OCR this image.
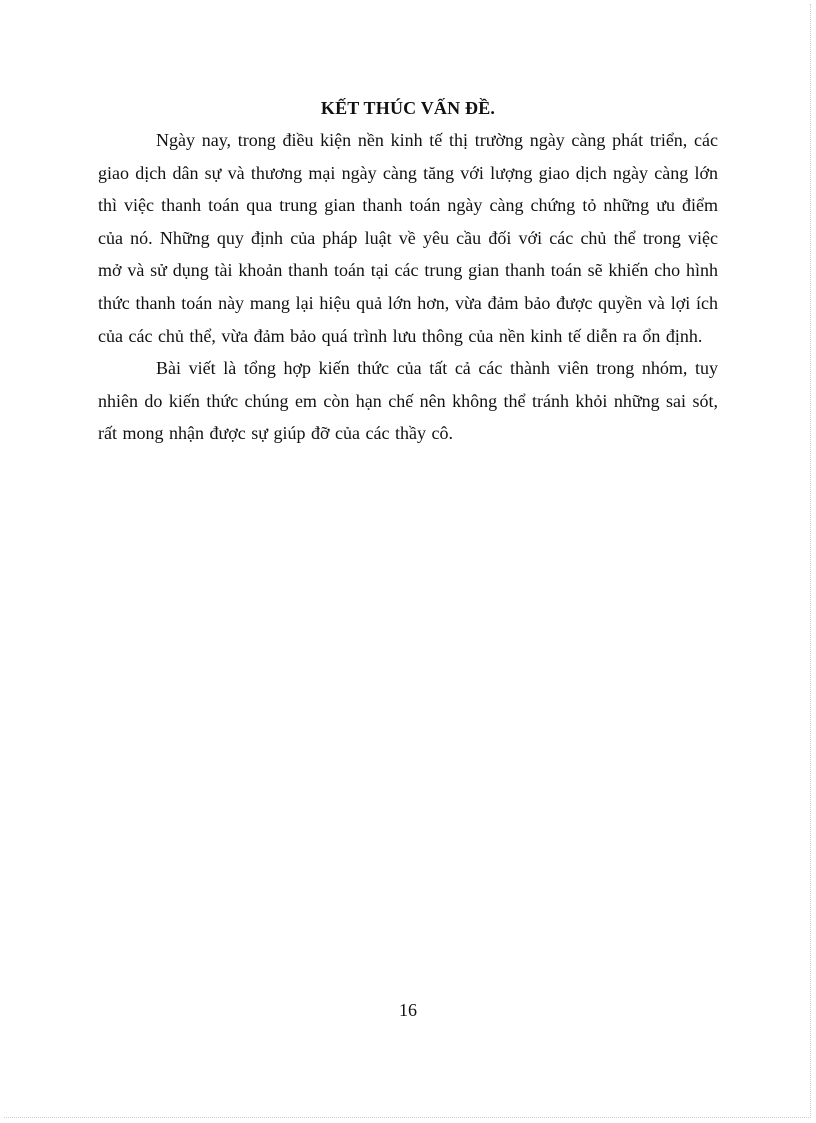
KẾT THÚC VẤN ĐỀ.

Ngày nay, trong điều kiện nền kinh tế thị trường ngày càng phát triển, các giao dịch dân sự và thương mại ngày càng tăng với lượng giao dịch ngày càng lớn thì việc thanh toán qua trung gian thanh toán ngày càng chứng tỏ những ưu điểm của nó. Những quy định của pháp luật về yêu cầu đối với các chủ thể trong việc mở và sử dụng tài khoản thanh toán tại các trung gian thanh toán sẽ khiến cho hình thức thanh toán này mang lại hiệu quả lớn hơn, vừa đảm bảo được quyền và lợi ích của các chủ thể, vừa đảm bảo quá trình lưu thông của nền kinh tế diễn ra ổn định.

Bài viết là tổng hợp kiến thức của tất cả các thành viên trong nhóm, tuy nhiên do kiến thức chúng em còn hạn chế nên không thể tránh khỏi những sai sót, rất mong nhận được sự giúp đỡ của các thầy cô.

16
